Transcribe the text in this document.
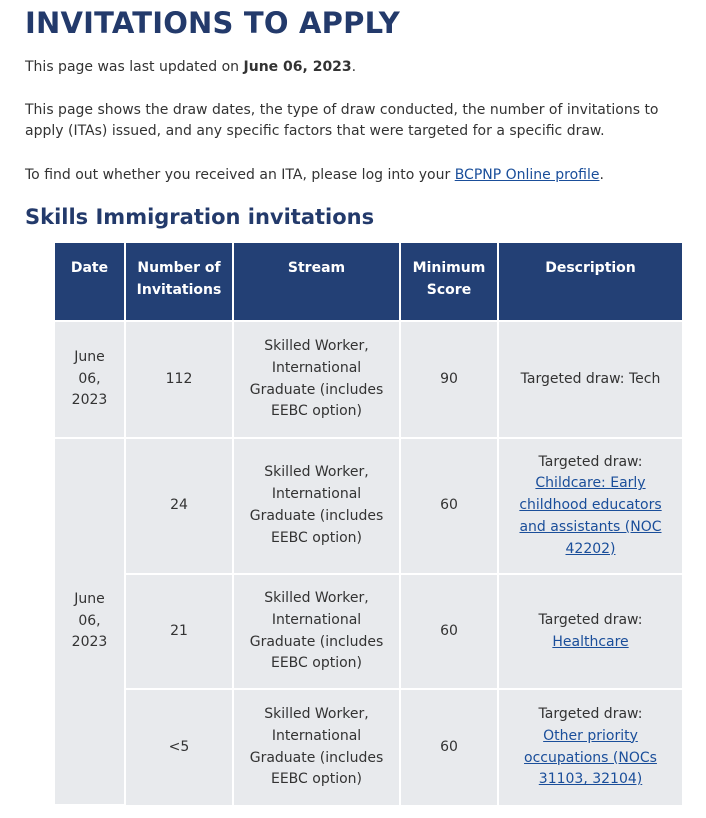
INVITATIONS TO APPLY

This page was last updated on June 06, 2023.

This page shows the draw dates, the type of draw conducted, the number of invitations to apply (ITAs) issued, and any specific factors that were targeted for a specific draw.

To find out whether you received an ITA, please log into your BCPNP Online profile.

Skills Immigration invitations
Date	Number of Invitations	Stream	Minimum Score	Description

June 06, 2023	112	Skilled Worker, International Graduate (includes EEBC option)	90	Targeted draw: Tech
June 06, 2023	24	Skilled Worker, International Graduate (includes EEBC option)	60	Targeted draw:
Childcare: Early childhood educators and assistants (NOC 42202)
	21	Skilled Worker, International Graduate (includes EEBC option)	60	Targeted draw:
Healthcare
	<5	Skilled Worker, International Graduate (includes EEBC option)	60	Targeted draw:
Other priority occupations (NOCs 31103, 32104)
